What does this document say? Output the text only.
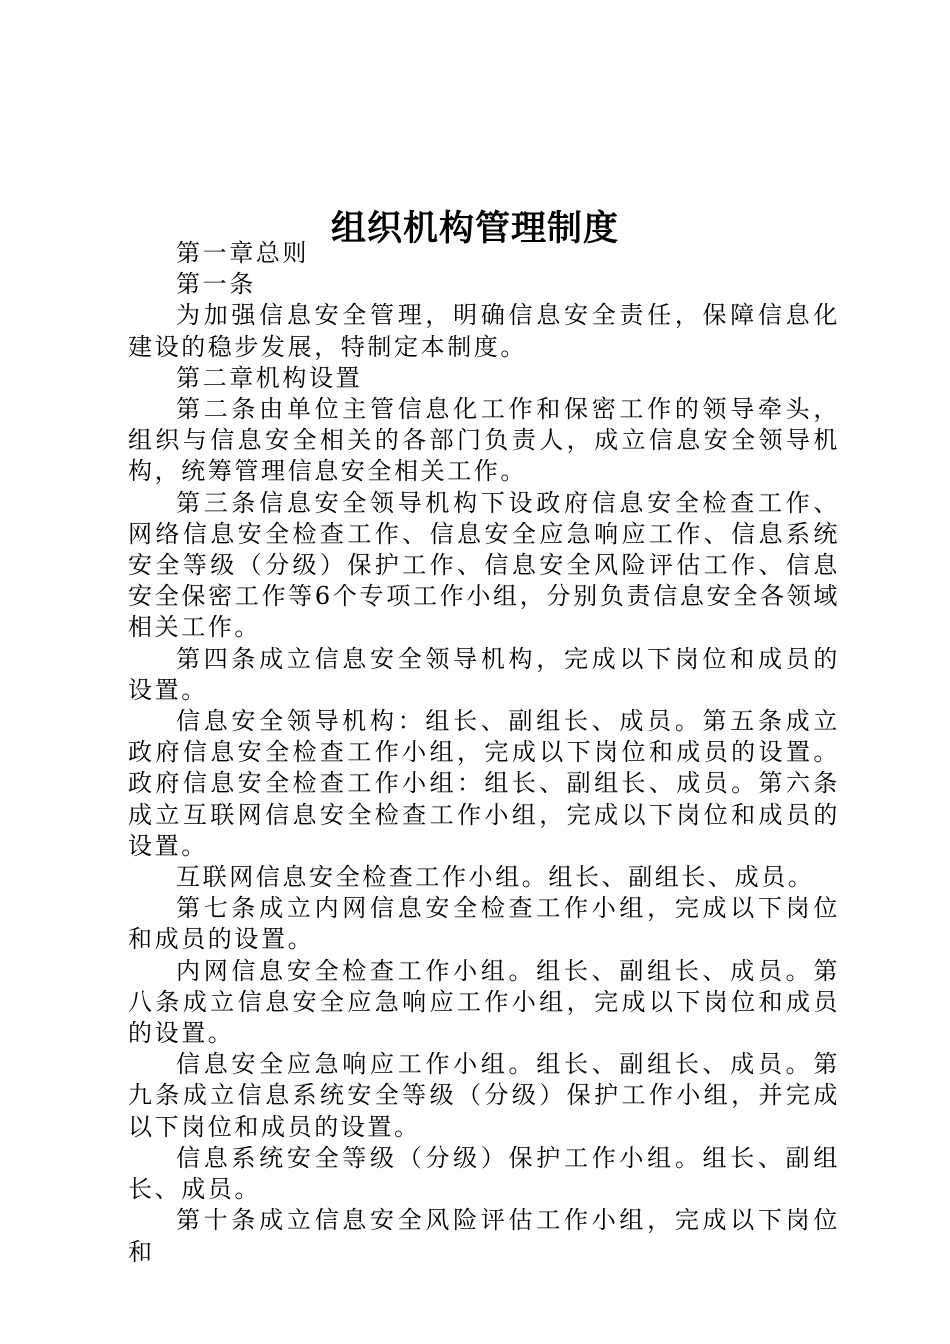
组织机构管理制度

第一章总则

第一条

为加强信息安全管理，明确信息安全责任，保障信息化建设的稳步发展，特制定本制度。

第二章机构设置

第二条由单位主管信息化工作和保密工作的领导牵头，组织与信息安全相关的各部门负责人，成立信息安全领导机构，统筹管理信息安全相关工作。

第三条信息安全领导机构下设政府信息安全检查工作、网络信息安全检查工作、信息安全应急响应工作、信息系统安全等级（分级）保护工作、信息安全风险评估工作、信息安全保密工作等6个专项工作小组，分别负责信息安全各领域相关工作。

第四条成立信息安全领导机构，完成以下岗位和成员的设置。

信息安全领导机构：组长、副组长、成员。第五条成立政府信息安全检查工作小组，完成以下岗位和成员的设置。政府信息安全检查工作小组：组长、副组长、成员。第六条成立互联网信息安全检查工作小组，完成以下岗位和成员的设置。

互联网信息安全检查工作小组。组长、副组长、成员。

第七条成立内网信息安全检查工作小组，完成以下岗位和成员的设置。

内网信息安全检查工作小组。组长、副组长、成员。第八条成立信息安全应急响应工作小组，完成以下岗位和成员的设置。

信息安全应急响应工作小组。组长、副组长、成员。第九条成立信息系统安全等级（分级）保护工作小组，并完成以下岗位和成员的设置。

信息系统安全等级（分级）保护工作小组。组长、副组长、成员。

第十条成立信息安全风险评估工作小组，完成以下岗位和
